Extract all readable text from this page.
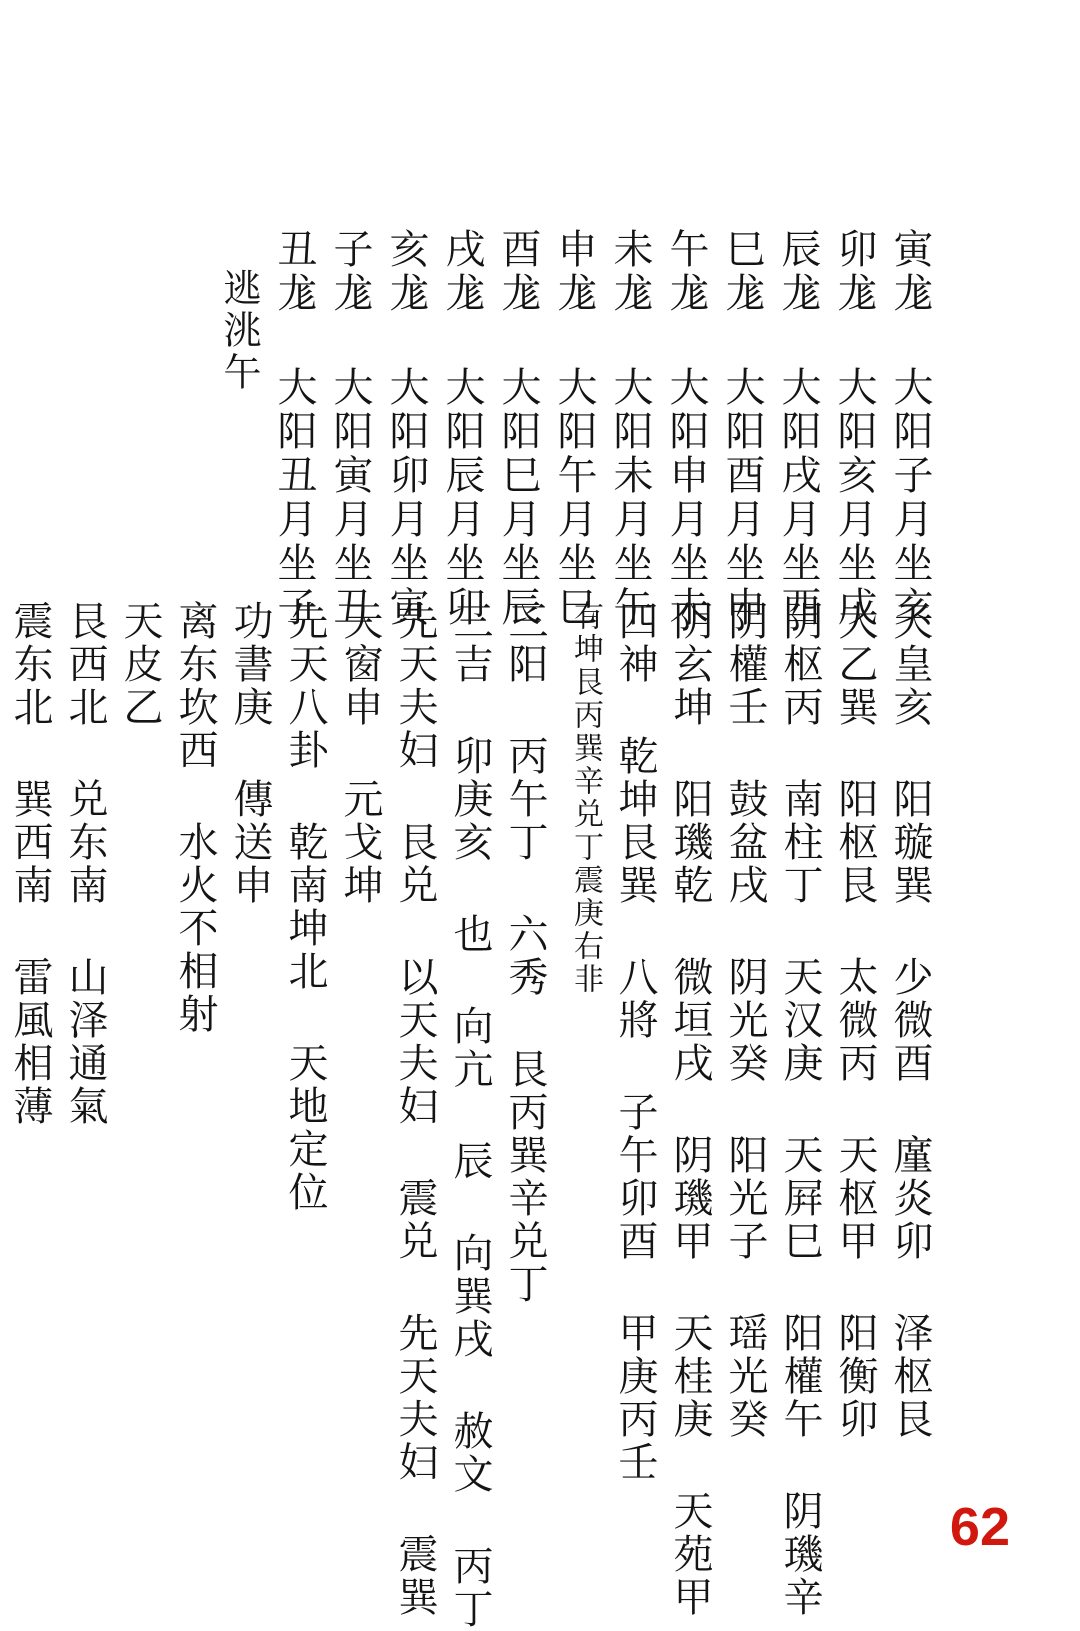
寅尨 大阳子月坐亥
卯尨 大阳亥月坐戌
辰尨 大阳戌月坐酉
巳尨 大阳酉月坐申
午尨 大阳申月坐未
未尨 大阳未月坐午
申尨 大阳午月坐巳
酉尨 大阳巳月坐辰
戌尨 大阳辰月坐卯
亥尨 大阳卯月坐寅
子尨 大阳寅月坐丑
丑尨 大阳丑月坐子
逃洮午
天皇亥 阳璇巽 少微酉 廑炎卯 泽枢艮
大乙巽 阳枢艮 太微丙 天枢甲 阳衡卯
阴枢丙 南柱丁 天汉庚 天屛巳 阳權午 阴璣辛
阴權壬 鼓盆戌 阴光癸 阳光子 瑶光癸
阴玄坤 阳璣乾 微垣戌 阴璣甲 天桂庚 天苑甲
四神 乾坤艮巽 八將 子午卯酉 甲庚丙壬
有坤艮丙巽辛兑丁震庚右非
三阳 丙午丁 六秀 艮丙巽辛兑丁
三吉 卯庚亥 也 向亢 辰 向巽戌 赦文 丙丁
先天夫妇 艮兑 以天夫妇 震兑 先天夫妇 震巽
天窗申 元戈坤
先天八卦 乾南坤北 天地定位
功書庚 傳送申
离东坎西 水火不相射
天皮乙
艮西北 兑东南 山泽通氣
震东北 巽西南 雷風相薄
62
